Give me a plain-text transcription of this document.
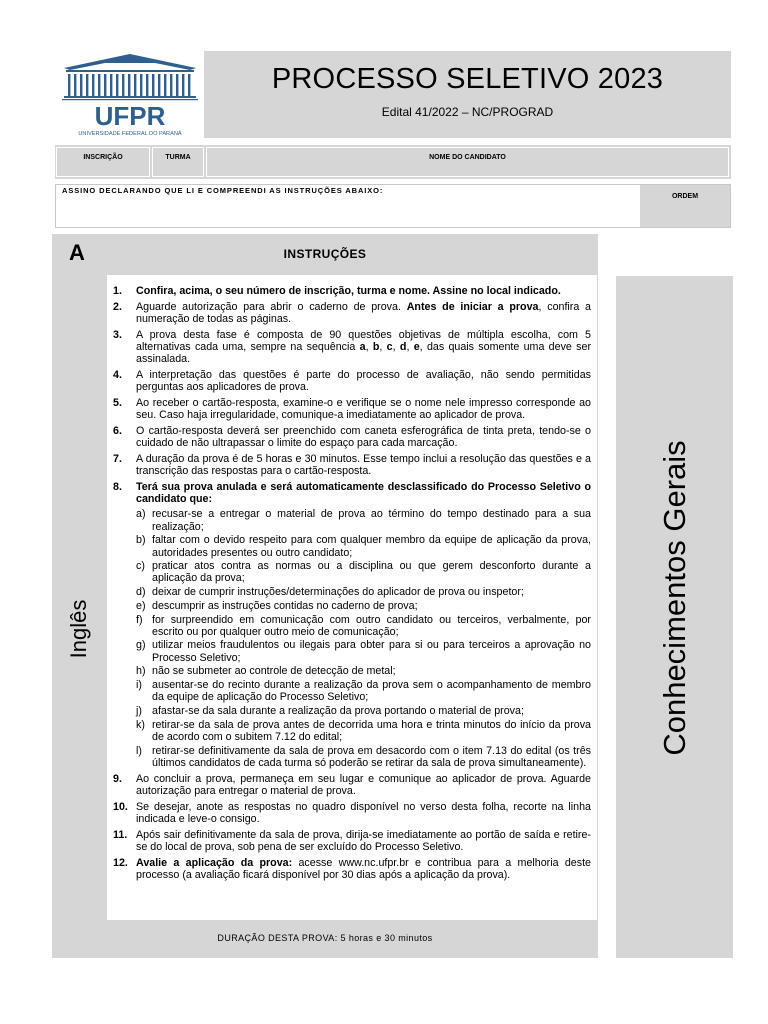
UFPR
UNIVERSIDADE FEDERAL DO PARANÁ
PROCESSO SELETIVO 2023
Edital 41/2022 – NC/PROGRAD
INSCRIÇÃO	TURMA	NOME DO CANDIDATO
ASSINO DECLARANDO QUE LI E COMPREENDI AS INSTRUÇÕES ABAIXO:
ORDEM
A	INSTRUÇÕES
Inglês
1. Confira, acima, o seu número de inscrição, turma e nome. Assine no local indicado.
2. Aguarde autorização para abrir o caderno de prova. Antes de iniciar a prova, confira a numeração de todas as páginas.
3. A prova desta fase é composta de 90 questões objetivas de múltipla escolha, com 5 alternativas cada uma, sempre na sequência a, b, c, d, e, das quais somente uma deve ser assinalada.
4. A interpretação das questões é parte do processo de avaliação, não sendo permitidas perguntas aos aplicadores de prova.
5. Ao receber o cartão-resposta, examine-o e verifique se o nome nele impresso corresponde ao seu. Caso haja irregularidade, comunique-a imediatamente ao aplicador de prova.
6. O cartão-resposta deverá ser preenchido com caneta esferográfica de tinta preta, tendo-se o cuidado de não ultrapassar o limite do espaço para cada marcação.
7. A duração da prova é de 5 horas e 30 minutos. Esse tempo inclui a resolução das questões e a transcrição das respostas para o cartão-resposta.
8. Terá sua prova anulada e será automaticamente desclassificado do Processo Seletivo o candidato que:
a) recusar-se a entregar o material de prova ao término do tempo destinado para a sua realização;
b) faltar com o devido respeito para com qualquer membro da equipe de aplicação da prova, autoridades presentes ou outro candidato;
c) praticar atos contra as normas ou a disciplina ou que gerem desconforto durante a aplicação da prova;
d) deixar de cumprir instruções/determinações do aplicador de prova ou inspetor;
e) descumprir as instruções contidas no caderno de prova;
f) for surpreendido em comunicação com outro candidato ou terceiros, verbalmente, por escrito ou por qualquer outro meio de comunicação;
g) utilizar meios fraudulentos ou ilegais para obter para si ou para terceiros a aprovação no Processo Seletivo;
h) não se submeter ao controle de detecção de metal;
i) ausentar-se do recinto durante a realização da prova sem o acompanhamento de membro da equipe de aplicação do Processo Seletivo;
j) afastar-se da sala durante a realização da prova portando o material de prova;
k) retirar-se da sala de prova antes de decorrida uma hora e trinta minutos do início da prova de acordo com o subitem 7.12 do edital;
l) retirar-se definitivamente da sala de prova em desacordo com o item 7.13 do edital (os três últimos candidatos de cada turma só poderão se retirar da sala de prova simultaneamente).
9. Ao concluir a prova, permaneça em seu lugar e comunique ao aplicador de prova. Aguarde autorização para entregar o material de prova.
10. Se desejar, anote as respostas no quadro disponível no verso desta folha, recorte na linha indicada e leve-o consigo.
11. Após sair definitivamente da sala de prova, dirija-se imediatamente ao portão de saída e retire-se do local de prova, sob pena de ser excluído do Processo Seletivo.
12. Avalie a aplicação da prova: acesse www.nc.ufpr.br e contribua para a melhoria deste processo (a avaliação ficará disponível por 30 dias após a aplicação da prova).
DURAÇÃO DESTA PROVA: 5 horas e 30 minutos
Conhecimentos Gerais
